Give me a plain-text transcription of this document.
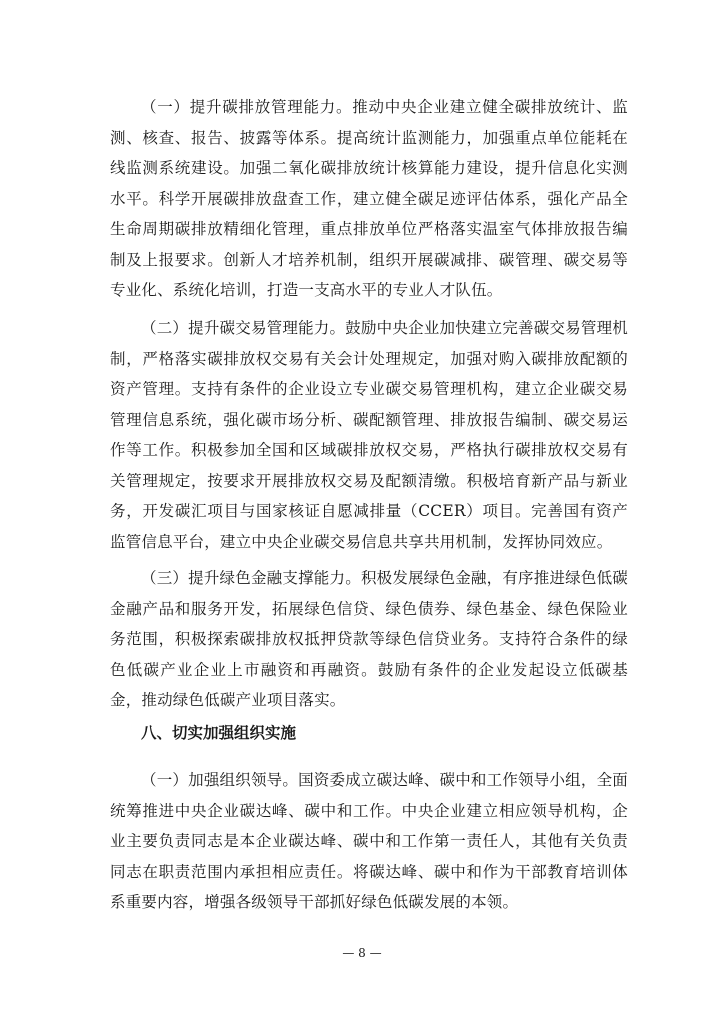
（一）提升碳排放管理能力。推动中央企业建立健全碳排放统计、监测、核查、报告、披露等体系。提高统计监测能力，加强重点单位能耗在线监测系统建设。加强二氧化碳排放统计核算能力建设，提升信息化实测水平。科学开展碳排放盘查工作，建立健全碳足迹评估体系，强化产品全生命周期碳排放精细化管理，重点排放单位严格落实温室气体排放报告编制及上报要求。创新人才培养机制，组织开展碳减排、碳管理、碳交易等专业化、系统化培训，打造一支高水平的专业人才队伍。

（二）提升碳交易管理能力。鼓励中央企业加快建立完善碳交易管理机制，严格落实碳排放权交易有关会计处理规定，加强对购入碳排放配额的资产管理。支持有条件的企业设立专业碳交易管理机构，建立企业碳交易管理信息系统，强化碳市场分析、碳配额管理、排放报告编制、碳交易运作等工作。积极参加全国和区域碳排放权交易，严格执行碳排放权交易有关管理规定，按要求开展排放权交易及配额清缴。积极培育新产品与新业务，开发碳汇项目与国家核证自愿减排量（CCER）项目。完善国有资产监管信息平台，建立中央企业碳交易信息共享共用机制，发挥协同效应。

（三）提升绿色金融支撑能力。积极发展绿色金融，有序推进绿色低碳金融产品和服务开发，拓展绿色信贷、绿色债券、绿色基金、绿色保险业务范围，积极探索碳排放权抵押贷款等绿色信贷业务。支持符合条件的绿色低碳产业企业上市融资和再融资。鼓励有条件的企业发起设立低碳基金，推动绿色低碳产业项目落实。

八、切实加强组织实施

（一）加强组织领导。国资委成立碳达峰、碳中和工作领导小组，全面统筹推进中央企业碳达峰、碳中和工作。中央企业建立相应领导机构，企业主要负责同志是本企业碳达峰、碳中和工作第一责任人，其他有关负责同志在职责范围内承担相应责任。将碳达峰、碳中和作为干部教育培训体系重要内容，增强各级领导干部抓好绿色低碳发展的本领。

— 8 —
